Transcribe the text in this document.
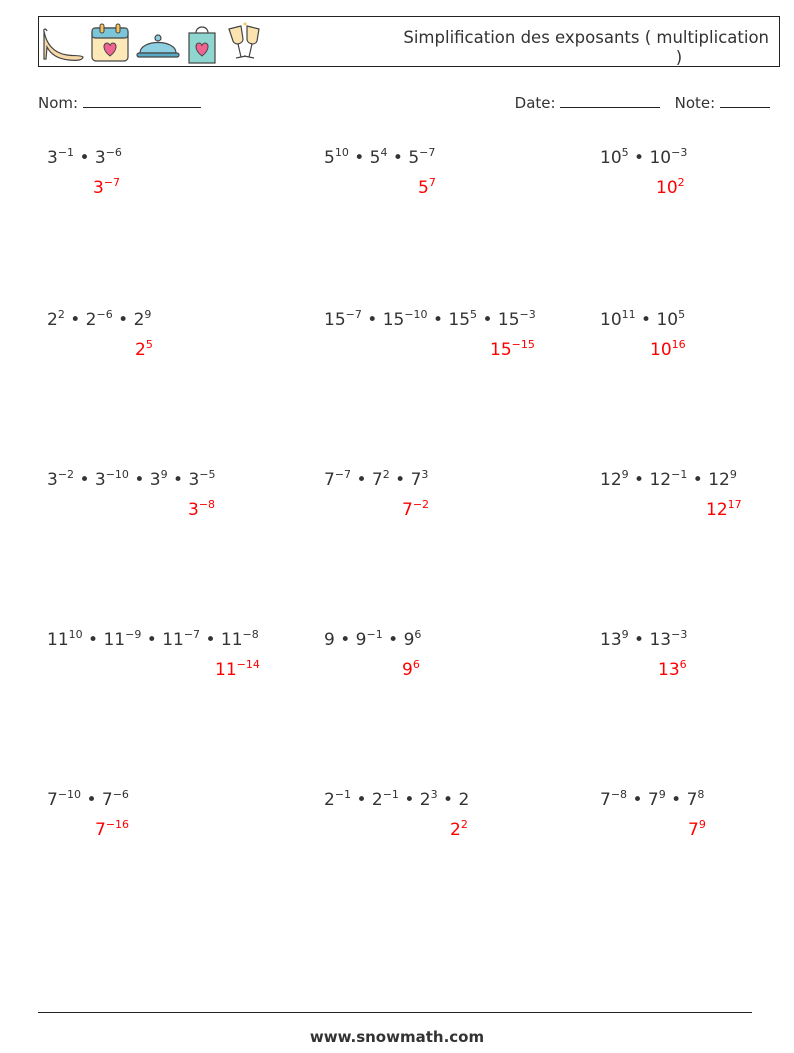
Simplification des exposants ( multiplication

)
Nom:	Date:	Note:
$3^{-1}$ • $3^{-6}$
$3^{-7}$
$5^{10}$ • $5^4$ • $5^{-7}$
$5^7$
$10^5$ • $10^{-3}$
$10^2$
$2^2$ • $2^{-6}$ • $2^9$
$2^5$
$15^{-7}$ • $15^{-10}$ • $15^5$ • $15^{-3}$
$15^{-15}$
$10^{11}$ • $10^5$
$10^{16}$
$3^{-2}$ • $3^{-10}$ • $3^9$ • $3^{-5}$
$3^{-8}$
$7^{-7}$ • $7^2$ • $7^3$
$7^{-2}$
$12^9$ • $12^{-1}$ • $12^9$
$12^{17}$
$11^{10}$ • $11^{-9}$ • $11^{-7}$ • $11^{-8}$
$11^{-14}$
9 • $9^{-1}$ • $9^6$
$9^6$
$13^9$ • $13^{-3}$
$13^6$
$7^{-10}$ • $7^{-6}$
$7^{-16}$
$2^{-1}$ • $2^{-1}$ • $2^3$ • 2
$2^2$
$7^{-8}$ • $7^9$ • $7^8$
$7^9$
www.snowmath.com
